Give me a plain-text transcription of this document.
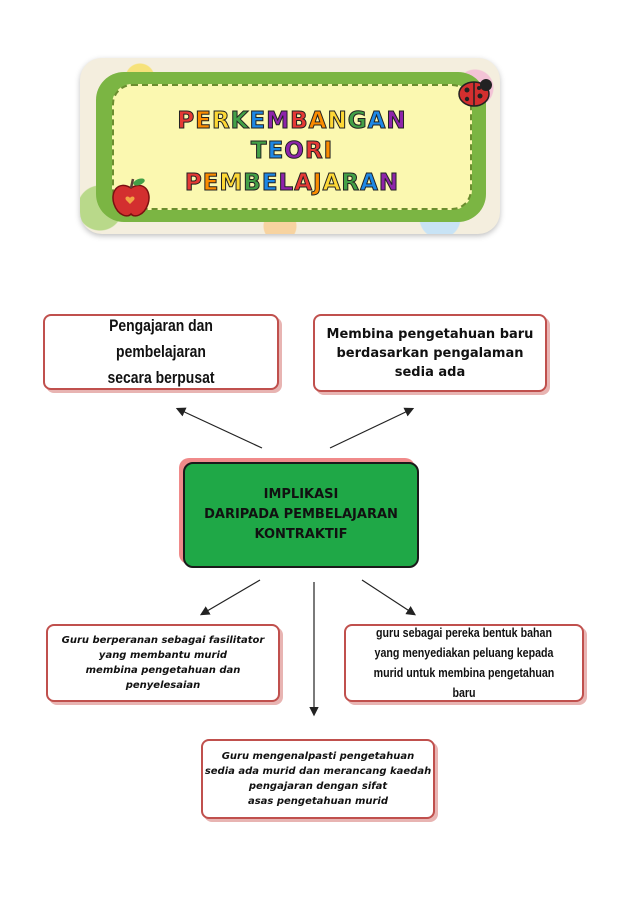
PERKEMBANGAN
TEORI
PEMBELAJARAN
Pengajaran dan pembelajaran
secara berpusat
Membina pengetahuan baru
berdasarkan pengalaman
sedia ada
IMPLIKASI
DARIPADA PEMBELAJARAN
KONTRAKTIF
Guru berperanan sebagai fasilitator
yang membantu murid
membina pengetahuan dan
penyelesaian
guru sebagai pereka bentuk bahan
yang menyediakan peluang kepada
murid untuk membina pengetahuan baru
Guru mengenalpasti pengetahuan
sedia ada murid dan merancang kaedah
pengajaran dengan sifat
asas pengetahuan murid
